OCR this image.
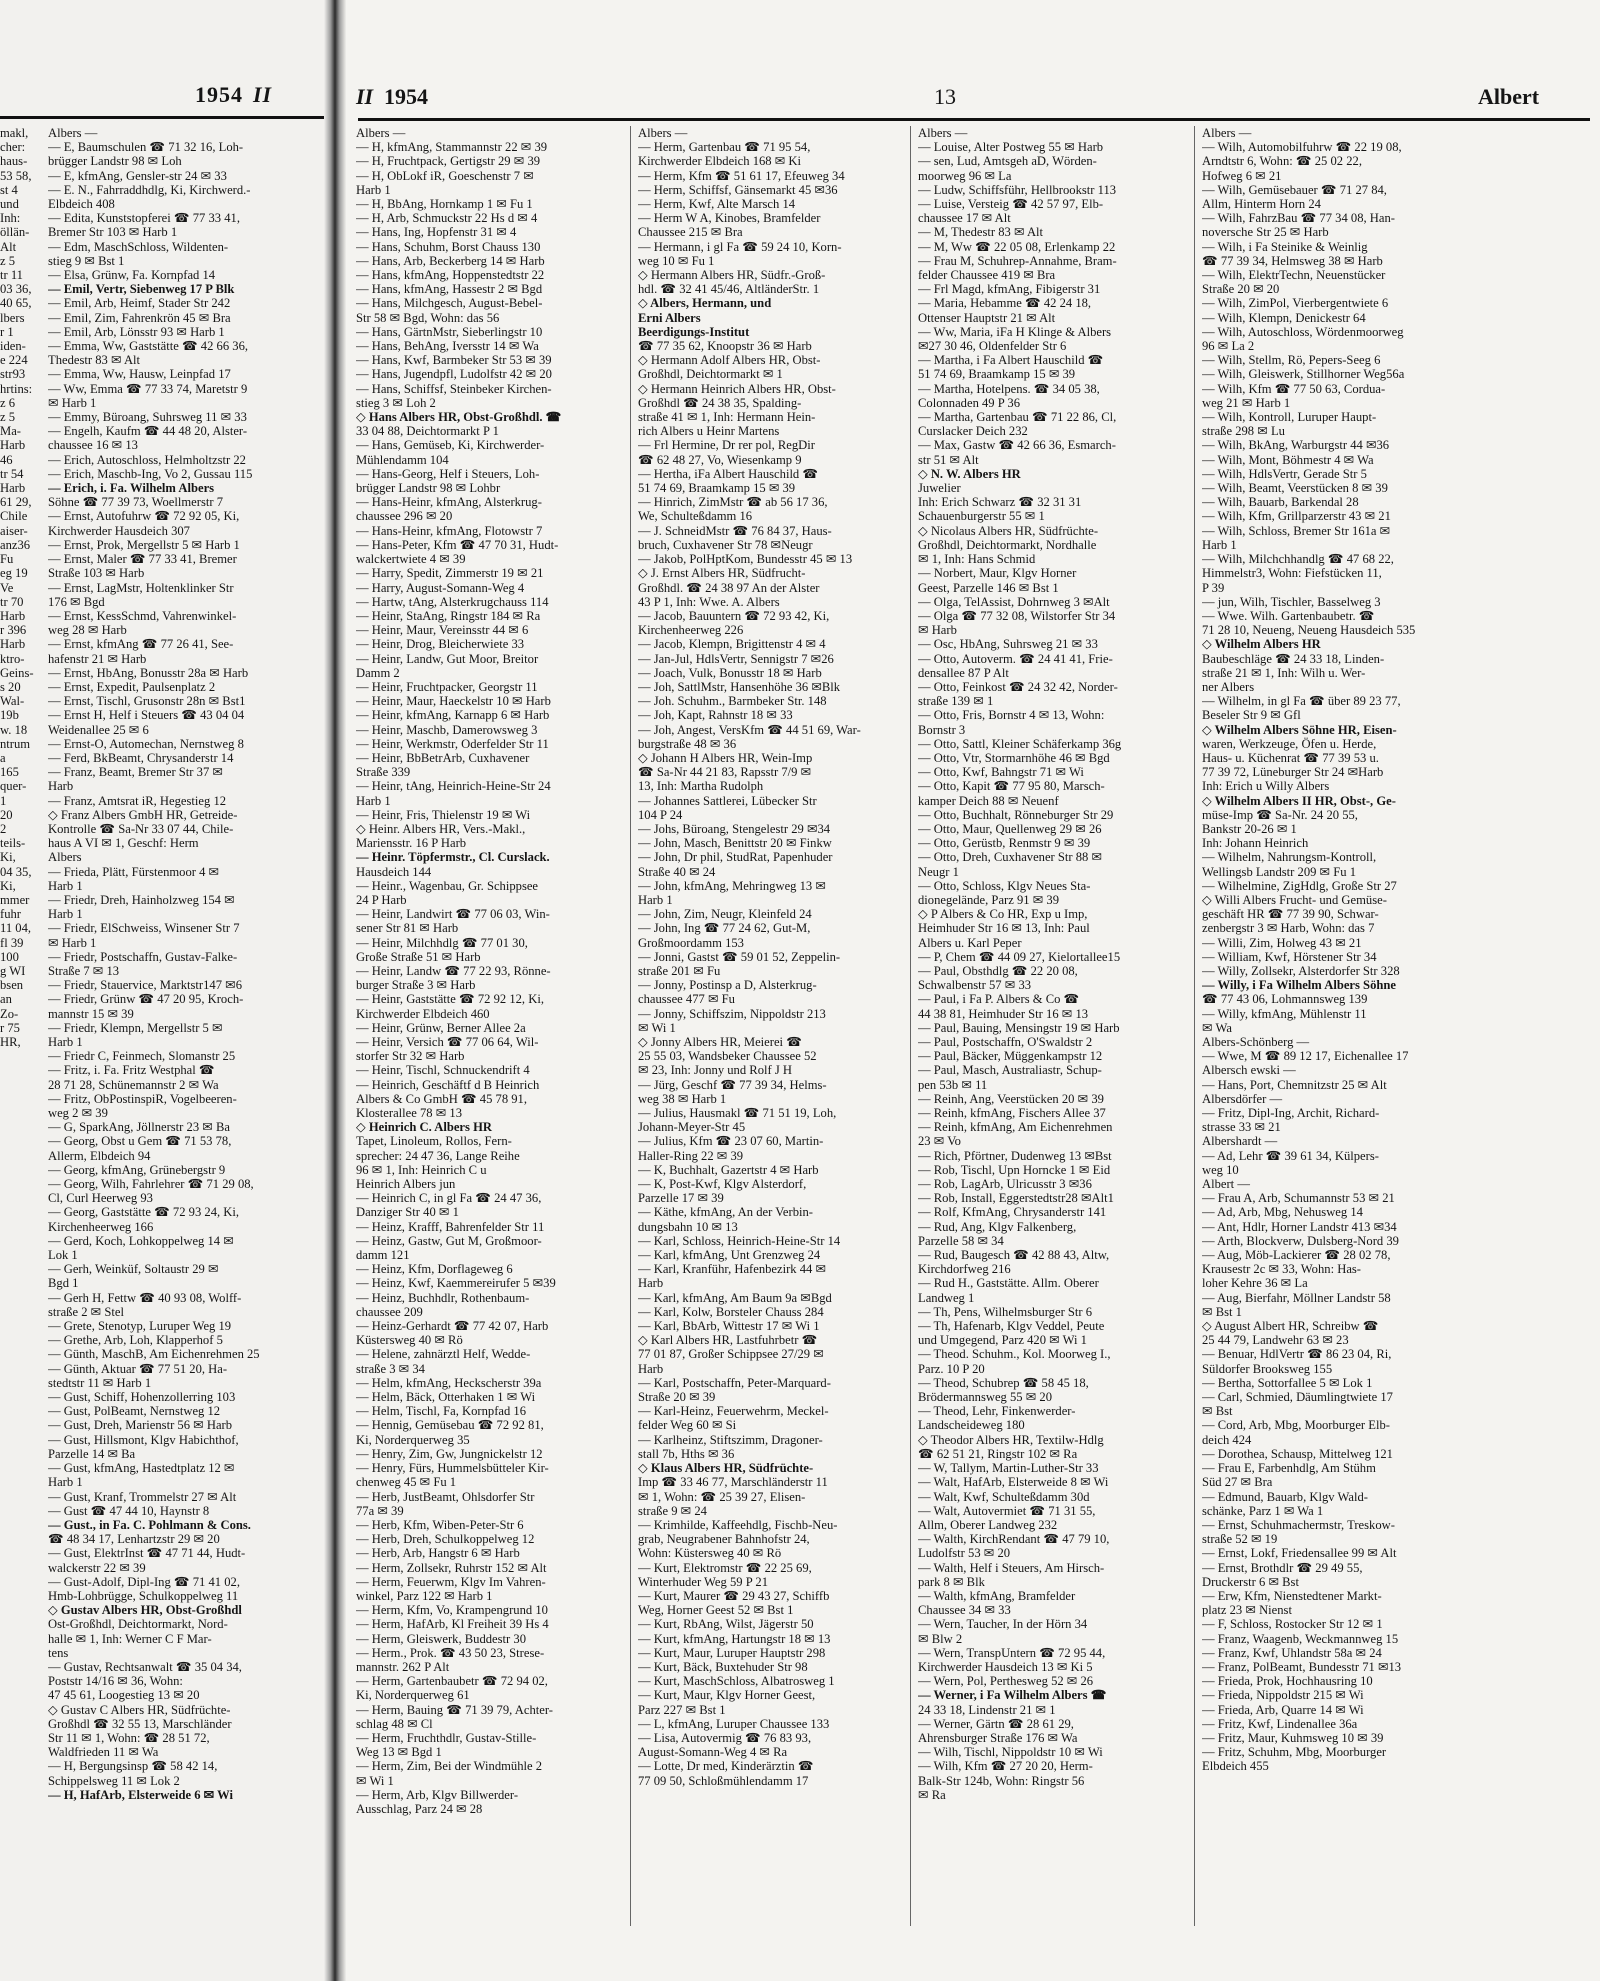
1954 II
makl,
cher:
haus-
53 58,
st 4
und
Inh:
öllän-
Alt
z 5
tr 11
03 36,
40 65,
lbers
r 1
iden-
e 224
str93
hrtins:
z 6
z 5
Ma-
Harb
46
tr 54
Harb
61 29,
Chile
aiser-
anz36
Fu
eg 19
Ve
tr 70
Harb
r 396
Harb
ktro-
Geins-
s 20
Wal-
19b
w. 18
ntrum
a
165
quer-
1
20
2
teils-
Ki,
04 35,
Ki,
mmer
fuhr
11 04,
fl 39
100
g WI
bsen
an
Zo-
r 75
HR,
Albers —
— E, Baumschulen ☎ 71 32 16, Loh-
brügger Landstr 98 ✉ Loh
— E, kfmAng, Gensler-str 24 ✉ 33
— E. N., Fahrraddhdlg, Ki, Kirchwerd.-
Elbdeich 408
— Edita, Kunststopferei ☎ 77 33 41,
Bremer Str 103 ✉ Harb 1
— Edm, MaschSchloss, Wildenten-
stieg 9 ✉ Bst 1
— Elsa, Grünw, Fa. Kornpfad 14
— Emil, Vertr, Siebenweg 17 P Blk
— Emil, Arb, Heimf, Stader Str 242
— Emil, Zim, Fahrenkrön 45 ✉ Bra
— Emil, Arb, Lönsstr 93 ✉ Harb 1
— Emma, Ww, Gaststätte ☎ 42 66 36,
Thedestr 83 ✉ Alt
— Emma, Ww, Hausw, Leinpfad 17
— Ww, Emma ☎ 77 33 74, Maretstr 9
✉ Harb 1
— Emmy, Büroang, Suhrsweg 11 ✉ 33
— Engelh, Kaufm ☎ 44 48 20, Alster-
chaussee 16 ✉ 13
— Erich, Autoschloss, Helmholtzstr 22
— Erich, Maschb-Ing, Vo 2, Gussau 115
— Erich, i. Fa. Wilhelm Albers
Söhne ☎ 77 39 73, Woellmerstr 7
— Ernst, Autofuhrw ☎ 72 92 05, Ki,
Kirchwerder Hausdeich 307
— Ernst, Prok, Mergellstr 5 ✉ Harb 1
— Ernst, Maler ☎ 77 33 41, Bremer
Straße 103 ✉ Harb
— Ernst, LagMstr, Holtenklinker Str
176 ✉ Bgd
— Ernst, KessSchmd, Vahrenwinkel-
weg 28 ✉ Harb
— Ernst, kfmAng ☎ 77 26 41, See-
hafenstr 21 ✉ Harb
— Ernst, HbAng, Bonusstr 28a ✉ Harb
— Ernst, Expedit, Paulsenplatz 2
— Ernst, Tischl, Grusonstr 28n ✉ Bst1
— Ernst H, Helf i Steuers ☎ 43 04 04
Weidenallee 25 ✉ 6
— Ernst-O, Automechan, Nernstweg 8
— Ferd, BkBeamt, Chrysanderstr 14
— Franz, Beamt, Bremer Str 37 ✉
Harb
— Franz, Amtsrat iR, Hegestieg 12
◇ Franz Albers GmbH HR, Getreide-
Kontrolle ☎ Sa-Nr 33 07 44, Chile-
haus A VI ✉ 1, Geschf: Herm
Albers
— Frieda, Plätt, Fürstenmoor 4 ✉
Harb 1
— Friedr, Dreh, Hainholzweg 154 ✉
Harb 1
— Friedr, ElSchweiss, Winsener Str 7
✉ Harb 1
— Friedr, Postschaffn, Gustav-Falke-
Straße 7 ✉ 13
— Friedr, Stauervice, Marktstr147 ✉6
— Friedr, Grünw ☎ 47 20 95, Kroch-
mannstr 15 ✉ 39
— Friedr, Klempn, Mergellstr 5 ✉
Harb 1
— Friedr C, Feinmech, Slomanstr 25
— Fritz, i. Fa. Fritz Westphal ☎
28 71 28, Schünemannstr 2 ✉ Wa
— Fritz, ObPostinspiR, Vogelbeeren-
weg 2 ✉ 39
— G, SparkAng, Jöllnerstr 23 ✉ Ba
— Georg, Obst u Gem ☎ 71 53 78,
Allerm, Elbdeich 94
— Georg, kfmAng, Grünebergstr 9
— Georg, Wilh, Fahrlehrer ☎ 71 29 08,
Cl, Curl Heerweg 93
— Georg, Gaststätte ☎ 72 93 24, Ki,
Kirchenheerweg 166
— Gerd, Koch, Lohkoppelweg 14 ✉
Lok 1
— Gerh, Weinküf, Soltaustr 29 ✉
Bgd 1
— Gerh H, Fettw ☎ 40 93 08, Wolff-
straße 2 ✉ Stel
— Grete, Stenotyp, Luruper Weg 19
— Grethe, Arb, Loh, Klapperhof 5
— Günth, MaschB, Am Eichenrehmen 25
— Günth, Aktuar ☎ 77 51 20, Ha-
stedtstr 11 ✉ Harb 1
— Gust, Schiff, Hohenzollerring 103
— Gust, PolBeamt, Nernstweg 12
— Gust, Dreh, Marienstr 56 ✉ Harb
— Gust, Hillsmont, Klgv Habichthof,
Parzelle 14 ✉ Ba
— Gust, kfmAng, Hastedtplatz 12 ✉
Harb 1
— Gust, Kranf, Trommelstr 27 ✉ Alt
— Gust ☎ 47 44 10, Haynstr 8
— Gust., in Fa. C. Pohlmann & Cons.
☎ 48 34 17, Lenhartzstr 29 ✉ 20
— Gust, ElektrInst ☎ 47 71 44, Hudt-
walckerstr 22 ✉ 39
— Gust-Adolf, Dipl-Ing ☎ 71 41 02,
Hmb-Lohbrügge, Schulkoppelweg 11
◇ Gustav Albers HR, Obst-Großhdl
Ost-Großhdl, Deichtormarkt, Nord-
halle ✉ 1, Inh: Werner C F Mar-
tens
— Gustav, Rechtsanwalt ☎ 35 04 34,
Poststr 14/16 ✉ 36, Wohn:
47 45 61, Loogestieg 13 ✉ 20
◇ Gustav C Albers HR, Südfrüchte-
Großhdl ☎ 32 55 13, Marschländer
Str 11 ✉ 1, Wohn: ☎ 28 51 72,
Waldfrieden 11 ✉ Wa
— H, Bergungsinsp ☎ 58 42 14,
Schippelsweg 11 ✉ Lok 2
— H, HafArb, Elsterweide 6 ✉ Wi
II 1954	13	Albert
Albers —
— H, kfmAng, Stammannstr 22 ✉ 39
— H, Fruchtpack, Gertigstr 29 ✉ 39
— H, ObLokf iR, Goeschenstr 7 ✉
Harb 1
— H, BbAng, Hornkamp 1 ✉ Fu 1
— H, Arb, Schmuckstr 22 Hs d ✉ 4
— Hans, Ing, Hopfenstr 31 ✉ 4
— Hans, Schuhm, Borst Chauss 130
— Hans, Arb, Beckerberg 14 ✉ Harb
— Hans, kfmAng, Hoppenstedtstr 22
— Hans, kfmAng, Hassestr 2 ✉ Bgd
— Hans, Milchgesch, August-Bebel-
Str 58 ✉ Bgd, Wohn: das 56
— Hans, GärtnMstr, Sieberlingstr 10
— Hans, BehAng, Iversstr 14 ✉ Wa
— Hans, Kwf, Barmbeker Str 53 ✉ 39
— Hans, Jugendpfl, Ludolfstr 42 ✉ 20
— Hans, Schiffsf, Steinbeker Kirchen-
stieg 3 ✉ Loh 2
◇ Hans Albers HR, Obst-Großhdl. ☎
33 04 88, Deichtormarkt P 1
— Hans, Gemüseb, Ki, Kirchwerder-
Mühlendamm 104
— Hans-Georg, Helf i Steuers, Loh-
brügger Landstr 98 ✉ Lohbr
— Hans-Heinr, kfmAng, Alsterkrug-
chaussee 296 ✉ 20
— Hans-Heinr, kfmAng, Flotowstr 7
— Hans-Peter, Kfm ☎ 47 70 31, Hudt-
walckertwiete 4 ✉ 39
— Harry, Spedit, Zimmerstr 19 ✉ 21
— Harry, August-Somann-Weg 4
— Hartw, tAng, Alsterkrugchauss 114
— Heinr, StaAng, Ringstr 184 ✉ Ra
— Heinr, Maur, Vereinsstr 44 ✉ 6
— Heinr, Drog, Bleicherwiete 33
— Heinr, Landw, Gut Moor, Breitor
Damm 2
— Heinr, Fruchtpacker, Georgstr 11
— Heinr, Maur, Haeckelstr 10 ✉ Harb
— Heinr, kfmAng, Karnapp 6 ✉ Harb
— Heinr, Maschb, Damerowsweg 3
— Heinr, Werkmstr, Oderfelder Str 11
— Heinr, BbBetrArb, Cuxhavener
Straße 339
— Heinr, tAng, Heinrich-Heine-Str 24
Harb 1
— Heinr, Fris, Thielenstr 19 ✉ Wi
◇ Heinr. Albers HR, Vers.-Makl.,
Mariensstr. 16 P Harb
— Heinr. Töpfermstr., Cl. Curslack.
Hausdeich 144
— Heinr., Wagenbau, Gr. Schippsee
24 P Harb
— Heinr, Landwirt ☎ 77 06 03, Win-
sener Str 81 ✉ Harb
— Heinr, Milchhdlg ☎ 77 01 30,
Große Straße 51 ✉ Harb
— Heinr, Landw ☎ 77 22 93, Rönne-
burger Straße 3 ✉ Harb
— Heinr, Gaststätte ☎ 72 92 12, Ki,
Kirchwerder Elbdeich 460
— Heinr, Grünw, Berner Allee 2a
— Heinr, Versich ☎ 77 06 64, Wil-
storfer Str 32 ✉ Harb
— Heinr, Tischl, Schnuckendrift 4
— Heinrich, Geschäftf d B Heinrich
Albers & Co GmbH ☎ 45 78 91,
Klosterallee 78 ✉ 13
◇ Heinrich C. Albers HR
Tapet, Linoleum, Rollos, Fern-
sprecher: 24 47 36, Lange Reihe
96 ✉ 1, Inh: Heinrich C u
Heinrich Albers jun
— Heinrich C, in gl Fa ☎ 24 47 36,
Danziger Str 40 ✉ 1
— Heinz, Krafff, Bahrenfelder Str 11
— Heinz, Gastw, Gut M, Großmoor-
damm 121
— Heinz, Kfm, Dorflageweg 6
— Heinz, Kwf, Kaemmereirufer 5 ✉39
— Heinz, Buchhdlr, Rothenbaum-
chaussee 209
— Heinz-Gerhardt ☎ 77 42 07, Harb
Küstersweg 40 ✉ Rö
— Helene, zahnärztl Helf, Wedde-
straße 3 ✉ 34
— Helm, kfmAng, Heckscherstr 39a
— Helm, Bäck, Otterhaken 1 ✉ Wi
— Helm, Tischl, Fa, Kornpfad 16
— Hennig, Gemüsebau ☎ 72 92 81,
Ki, Norderquerweg 35
— Henry, Zim, Gw, Jungnickelstr 12
— Henry, Fürs, Hummelsbütteler Kir-
chenweg 45 ✉ Fu 1
— Herb, JustBeamt, Ohlsdorfer Str
77a ✉ 39
— Herb, Kfm, Wiben-Peter-Str 6
— Herb, Dreh, Schulkoppelweg 12
— Herb, Arb, Hangstr 6 ✉ Harb
— Herm, Zollsekr, Ruhrstr 152 ✉ Alt
— Herm, Feuerwm, Klgv Im Vahren-
winkel, Parz 122 ✉ Harb 1
— Herm, Kfm, Vo, Krampengrund 10
— Herm, HafArb, Kl Freiheit 39 Hs 4
— Herm, Gleiswerk, Buddestr 30
— Herm., Prok. ☎ 43 50 23, Strese-
mannstr. 262 P Alt
— Herm, Gartenbaubetr ☎ 72 94 02,
Ki, Norderquerweg 61
— Herm, Bauing ☎ 71 39 79, Achter-
schlag 48 ✉ Cl
— Herm, Fruchthdlr, Gustav-Stille-
Weg 13 ✉ Bgd 1
— Herm, Zim, Bei der Windmühle 2
✉ Wi 1
— Herm, Arb, Klgv Billwerder-
Ausschlag, Parz 24 ✉ 28
Albers —
— Herm, Gartenbau ☎ 71 95 54,
Kirchwerder Elbdeich 168 ✉ Ki
— Herm, Kfm ☎ 51 61 17, Efeuweg 34
— Herm, Schiffsf, Gänsemarkt 45 ✉36
— Herm, Kwf, Alte Marsch 14
— Herm W A, Kinobes, Bramfelder
Chaussee 215 ✉ Bra
— Hermann, i gl Fa ☎ 59 24 10, Korn-
weg 10 ✉ Fu 1
◇ Hermann Albers HR, Südfr.-Groß-
hdl. ☎ 32 41 45/46, AltländerStr. 1
◇ Albers, Hermann, und
Erni Albers
Beerdigungs-Institut
☎ 77 35 62, Knoopstr 36 ✉ Harb
◇ Hermann Adolf Albers HR, Obst-
Großhdl, Deichtormarkt ✉ 1
◇ Hermann Heinrich Albers HR, Obst-
Großhdl ☎ 24 38 35, Spalding-
straße 41 ✉ 1, Inh: Hermann Hein-
rich Albers u Heinr Martens
— Frl Hermine, Dr rer pol, RegDir
☎ 62 48 27, Vo, Wiesenkamp 9
— Hertha, iFa Albert Hauschild ☎
51 74 69, Braamkamp 15 ✉ 39
— Hinrich, ZimMstr ☎ ab 56 17 36,
We, Schulteßdamm 16
— J. SchneidMstr ☎ 76 84 37, Haus-
bruch, Cuxhavener Str 78 ✉Neugr
— Jakob, PolHptKom, Bundesstr 45 ✉ 13
◇ J. Ernst Albers HR, Südfrucht-
Großhdl. ☎ 24 38 97 An der Alster
43 P 1, Inh: Wwe. A. Albers
— Jacob, Bauuntern ☎ 72 93 42, Ki,
Kirchenheerweg 226
— Jacob, Klempn, Brigittenstr 4 ✉ 4
— Jan-Jul, HdlsVertr, Sennigstr 7 ✉26
— Joach, Vulk, Bonusstr 18 ✉ Harb
— Joh, SattlMstr, Hansenhöhe 36 ✉Blk
— Joh. Schuhm., Barmbeker Str. 148
— Joh, Kapt, Rahnstr 18 ✉ 33
— Joh, Angest, VersKfm ☎ 44 51 69, War-
burgstraße 48 ✉ 36
◇ Johann H Albers HR, Wein-Imp
☎ Sa-Nr 44 21 83, Rapsstr 7/9 ✉
13, Inh: Martha Rudolph
— Johannes Sattlerei, Lübecker Str
104 P 24
— Johs, Büroang, Stengelestr 29 ✉34
— John, Masch, Benittstr 20 ✉ Finkw
— John, Dr phil, StudRat, Papenhuder
Straße 40 ✉ 24
— John, kfmAng, Mehringweg 13 ✉
Harb 1
— John, Zim, Neugr, Kleinfeld 24
— John, Ing ☎ 77 24 62, Gut-M,
Großmoordamm 153
— Jonni, Gastst ☎ 59 01 52, Zeppelin-
straße 201 ✉ Fu
— Jonny, Postinsp a D, Alsterkrug-
chaussee 477 ✉ Fu
— Jonny, Schiffszim, Nippoldstr 213
✉ Wi 1
◇ Jonny Albers HR, Meierei ☎
25 55 03, Wandsbeker Chaussee 52
✉ 23, Inh: Jonny und Rolf J H
— Jürg, Geschf ☎ 77 39 34, Helms-
weg 38 ✉ Harb 1
— Julius, Hausmakl ☎ 71 51 19, Loh,
Johann-Meyer-Str 45
— Julius, Kfm ☎ 23 07 60, Martin-
Haller-Ring 22 ✉ 39
— K, Buchhalt, Gazertstr 4 ✉ Harb
— K, Post-Kwf, Klgv Alsterdorf,
Parzelle 17 ✉ 39
— Käthe, kfmAng, An der Verbin-
dungsbahn 10 ✉ 13
— Karl, Schloss, Heinrich-Heine-Str 14
— Karl, kfmAng, Unt Grenzweg 24
— Karl, Kranführ, Hafenbezirk 44 ✉
Harb
— Karl, kfmAng, Am Baum 9a ✉Bgd
— Karl, Kolw, Borsteler Chauss 284
— Karl, BbArb, Wittestr 17 ✉ Wi 1
◇ Karl Albers HR, Lastfuhrbetr ☎
77 01 87, Großer Schippsee 27/29 ✉
Harb
— Karl, Postschaffn, Peter-Marquard-
Straße 20 ✉ 39
— Karl-Heinz, Feuerwehrm, Meckel-
felder Weg 60 ✉ Si
— Karlheinz, Stiftszimm, Dragoner-
stall 7b, Hths ✉ 36
◇ Klaus Albers HR, Südfrüchte-
Imp ☎ 33 46 77, Marschländerstr 11
✉ 1, Wohn: ☎ 25 39 27, Elisen-
straße 9 ✉ 24
— Krimhilde, Kaffeehdlg, Fischb-Neu-
grab, Neugrabener Bahnhofstr 24,
Wohn: Küstersweg 40 ✉ Rö
— Kurt, Elektromstr ☎ 22 25 69,
Winterhuder Weg 59 P 21
— Kurt, Maurer ☎ 29 43 27, Schiffb
Weg, Horner Geest 52 ✉ Bst 1
— Kurt, RbAng, Wilst, Jägerstr 50
— Kurt, kfmAng, Hartungstr 18 ✉ 13
— Kurt, Maur, Luruper Hauptstr 298
— Kurt, Bäck, Buxtehuder Str 98
— Kurt, MaschSchloss, Albatrosweg 1
— Kurt, Maur, Klgv Horner Geest,
Parz 227 ✉ Bst 1
— L, kfmAng, Luruper Chaussee 133
— Lisa, Autovermig ☎ 76 83 93,
August-Somann-Weg 4 ✉ Ra
— Lotte, Dr med, Kinderärztin ☎
77 09 50, Schloßmühlendamm 17
Albers —
— Louise, Alter Postweg 55 ✉ Harb
— sen, Lud, Amtsgeh aD, Wörden-
moorweg 96 ✉ La
— Ludw, Schiffsführ, Hellbrookstr 113
— Luise, Versteig ☎ 42 57 97, Elb-
chaussee 17 ✉ Alt
— M, Thedestr 83 ✉ Alt
— M, Ww ☎ 22 05 08, Erlenkamp 22
— Frau M, Schuhrep-Annahme, Bram-
felder Chaussee 419 ✉ Bra
— Frl Magd, kfmAng, Fibigerstr 31
— Maria, Hebamme ☎ 42 24 18,
Ottenser Hauptstr 21 ✉ Alt
— Ww, Maria, iFa H Klinge & Albers
✉27 30 46, Oldenfelder Str 6
— Martha, i Fa Albert Hauschild ☎
51 74 69, Braamkamp 15 ✉ 39
— Martha, Hotelpens. ☎ 34 05 38,
Colonnaden 49 P 36
— Martha, Gartenbau ☎ 71 22 86, Cl,
Curslacker Deich 232
— Max, Gastw ☎ 42 66 36, Esmarch-
str 51 ✉ Alt
◇ N. W. Albers HR
Juwelier
Inh: Erich Schwarz ☎ 32 31 31
Schauenburgerstr 55 ✉ 1
◇ Nicolaus Albers HR, Südfrüchte-
Großhdl, Deichtormarkt, Nordhalle
✉ 1, Inh: Hans Schmid
— Norbert, Maur, Klgv Horner
Geest, Parzelle 146 ✉ Bst 1
— Olga, TelAssist, Dohrnweg 3 ✉Alt
— Olga ☎ 77 32 08, Wilstorfer Str 34
✉ Harb
— Osc, HbAng, Suhrsweg 21 ✉ 33
— Otto, Autoverm. ☎ 24 41 41, Frie-
densallee 87 P Alt
— Otto, Feinkost ☎ 24 32 42, Norder-
straße 139 ✉ 1
— Otto, Fris, Bornstr 4 ✉ 13, Wohn:
Bornstr 3
— Otto, Sattl, Kleiner Schäferkamp 36g
— Otto, Vtr, Stormarnhöhe 46 ✉ Bgd
— Otto, Kwf, Bahngstr 71 ✉ Wi
— Otto, Kapit ☎ 77 95 80, Marsch-
kamper Deich 88 ✉ Neuenf
— Otto, Buchhalt, Rönneburger Str 29
— Otto, Maur, Quellenweg 29 ✉ 26
— Otto, Gerüstb, Renmstr 9 ✉ 39
— Otto, Dreh, Cuxhavener Str 88 ✉
Neugr 1
— Otto, Schloss, Klgv Neues Sta-
dionegelände, Parz 91 ✉ 39
◇ P Albers & Co HR, Exp u Imp,
Heimhuder Str 16 ✉ 13, Inh: Paul
Albers u. Karl Peper
— P, Chem ☎ 44 09 27, Kielortallee15
— Paul, Obsthdlg ☎ 22 20 08,
Schwalbenstr 57 ✉ 33
— Paul, i Fa P. Albers & Co ☎
44 38 81, Heimhuder Str 16 ✉ 13
— Paul, Bauing, Mensingstr 19 ✉ Harb
— Paul, Postschaffn, O'Swaldstr 2
— Paul, Bäcker, Müggenkampstr 12
— Paul, Masch, Australiastr, Schup-
pen 53b ✉ 11
— Reinh, Ang, Veerstücken 20 ✉ 39
— Reinh, kfmAng, Fischers Allee 37
— Reinh, kfmAng, Am Eichenrehmen
23 ✉ Vo
— Rich, Pförtner, Dudenweg 13 ✉Bst
— Rob, Tischl, Upn Horncke 1 ✉ Eid
— Rob, LagArb, Ulricusstr 3 ✉36
— Rob, Install, Eggerstedtstr28 ✉Alt1
— Rolf, KfmAng, Chrysanderstr 141
— Rud, Ang, Klgv Falkenberg,
Parzelle 58 ✉ 34
— Rud, Baugesch ☎ 42 88 43, Altw,
Kirchdorfweg 216
— Rud H., Gaststätte. Allm. Oberer
Landweg 1
— Th, Pens, Wilhelmsburger Str 6
— Th, Hafenarb, Klgv Veddel, Peute
und Umgegend, Parz 420 ✉ Wi 1
— Theod. Schuhm., Kol. Moorweg I.,
Parz. 10 P 20
— Theod, Schubrep ☎ 58 45 18,
Brödermannsweg 55 ✉ 20
— Theod, Lehr, Finkenwerder-
Landscheideweg 180
◇ Theodor Albers HR, Textilw-Hdlg
☎ 62 51 21, Ringstr 102 ✉ Ra
— W, Tallym, Martin-Luther-Str 33
— Walt, HafArb, Elsterweide 8 ✉ Wi
— Walt, Kwf, Schulteßdamm 30d
— Walt, Autovermiet ☎ 71 31 55,
Allm, Oberer Landweg 232
— Walth, KirchRendant ☎ 47 79 10,
Ludolfstr 53 ✉ 20
— Walth, Helf i Steuers, Am Hirsch-
park 8 ✉ Blk
— Walth, kfmAng, Bramfelder
Chaussee 34 ✉ 33
— Wern, Taucher, In der Hörn 34
✉ Blw 2
— Wern, TranspUntern ☎ 72 95 44,
Kirchwerder Hausdeich 13 ✉ Ki 5
— Wern, Pol, Perthesweg 52 ✉ 26
— Werner, i Fa Wilhelm Albers ☎
24 33 18, Lindenstr 21 ✉ 1
— Werner, Gärtn ☎ 28 61 29,
Ahrensburger Straße 176 ✉ Wa
— Wilh, Tischl, Nippoldstr 10 ✉ Wi
— Wilh, Kfm ☎ 27 20 20, Herm-
Balk-Str 124b, Wohn: Ringstr 56
✉ Ra
Albers —
— Wilh, Automobilfuhrw ☎ 22 19 08,
Arndtstr 6, Wohn: ☎ 25 02 22,
Hofweg 6 ✉ 21
— Wilh, Gemüsebauer ☎ 71 27 84,
Allm, Hinterm Horn 24
— Wilh, FahrzBau ☎ 77 34 08, Han-
noversche Str 25 ✉ Harb
— Wilh, i Fa Steinike & Weinlig
☎ 77 39 34, Helmsweg 38 ✉ Harb
— Wilh, ElektrTechn, Neuenstücker
Straße 20 ✉ 20
— Wilh, ZimPol, Vierbergentwiete 6
— Wilh, Klempn, Denickestr 64
— Wilh, Autoschloss, Wördenmoorweg
96 ✉ La 2
— Wilh, Stellm, Rö, Pepers-Seeg 6
— Wilh, Gleiswerk, Stillhorner Weg56a
— Wilh, Kfm ☎ 77 50 63, Cordua-
weg 21 ✉ Harb 1
— Wilh, Kontroll, Luruper Haupt-
straße 298 ✉ Lu
— Wilh, BkAng, Warburgstr 44 ✉36
— Wilh, Mont, Böhmestr 4 ✉ Wa
— Wilh, HdlsVertr, Gerade Str 5
— Wilh, Beamt, Veerstücken 8 ✉ 39
— Wilh, Bauarb, Barkendal 28
— Wilh, Kfm, Grillparzerstr 43 ✉ 21
— Wilh, Schloss, Bremer Str 161a ✉
Harb 1
— Wilh, Milchchhandlg ☎ 47 68 22,
Himmelstr3, Wohn: Fiefstücken 11,
P 39
— jun, Wilh, Tischler, Basselweg 3
— Wwe. Wilh. Gartenbaubetr. ☎
71 28 10, Neueng, Neueng Hausdeich 535
◇ Wilhelm Albers HR
Baubeschläge ☎ 24 33 18, Linden-
straße 21 ✉ 1, Inh: Wilh u. Wer-
ner Albers
— Wilhelm, in gl Fa ☎ über 89 23 77,
Beseler Str 9 ✉ Gfl
◇ Wilhelm Albers Söhne HR, Eisen-
waren, Werkzeuge, Öfen u. Herde,
Haus- u. Küchenrat ☎ 77 39 53 u.
77 39 72, Lüneburger Str 24 ✉Harb
Inh: Erich u Willy Albers
◇ Wilhelm Albers II HR, Obst-, Ge-
müse-Imp ☎ Sa-Nr. 24 20 55,
Bankstr 20-26 ✉ 1
Inh: Johann Heinrich
— Wilhelm, Nahrungsm-Kontroll,
Wellingsb Landstr 209 ✉ Fu 1
— Wilhelmine, ZigHdlg, Große Str 27
◇ Willi Albers Frucht- und Gemüse-
geschäft HR ☎ 77 39 90, Schwar-
zenbergstr 3 ✉ Harb, Wohn: das 7
— Willi, Zim, Holweg 43 ✉ 21
— William, Kwf, Hörstener Str 34
— Willy, Zollsekr, Alsterdorfer Str 328
— Willy, i Fa Wilhelm Albers Söhne
☎ 77 43 06, Lohmannsweg 139
— Willy, kfmAng, Mühlenstr 11
✉ Wa
Albers-Schönberg —
— Wwe, M ☎ 89 12 17, Eichenallee 17
Albersch ewski —
— Hans, Port, Chemnitzstr 25 ✉ Alt
Albersdörfer —
— Fritz, Dipl-Ing, Archit, Richard-
strasse 33 ✉ 21
Albershardt —
— Ad, Lehr ☎ 39 61 34, Külpers-
weg 10
Albert —
— Frau A, Arb, Schumannstr 53 ✉ 21
— Ad, Arb, Mbg, Nehusweg 14
— Ant, Hdlr, Horner Landstr 413 ✉34
— Arth, Blockverw, Dulsberg-Nord 39
— Aug, Möb-Lackierer ☎ 28 02 78,
Krausestr 2c ✉ 33, Wohn: Has-
loher Kehre 36 ✉ La
— Aug, Bierfahr, Möllner Landstr 58
✉ Bst 1
◇ August Albert HR, Schreibw ☎
25 44 79, Landwehr 63 ✉ 23
— Benuar, HdlVertr ☎ 86 23 04, Ri,
Süldorfer Brooksweg 155
— Bertha, Sottorfallee 5 ✉ Lok 1
— Carl, Schmied, Däumlingtwiete 17
✉ Bst
— Cord, Arb, Mbg, Moorburger Elb-
deich 424
— Dorothea, Schausp, Mittelweg 121
— Frau E, Farbenhdlg, Am Stühm
Süd 27 ✉ Bra
— Edmund, Bauarb, Klgv Wald-
schänke, Parz 1 ✉ Wa 1
— Ernst, Schuhmachermstr, Treskow-
straße 52 ✉ 19
— Ernst, Lokf, Friedensallee 99 ✉ Alt
— Ernst, Brothdlr ☎ 29 49 55,
Druckerstr 6 ✉ Bst
— Erw, Kfm, Nienstedtener Markt-
platz 23 ✉ Nienst
— F, Schloss, Rostocker Str 12 ✉ 1
— Franz, Waagenb, Weckmannweg 15
— Franz, Kwf, Uhlandstr 58a ✉ 24
— Franz, PolBeamt, Bundesstr 71 ✉13
— Frieda, Prok, Hochhausring 10
— Frieda, Nippoldstr 215 ✉ Wi
— Frieda, Arb, Quarre 14 ✉ Wi
— Fritz, Kwf, Lindenallee 36a
— Fritz, Maur, Kuhmsweg 10 ✉ 39
— Fritz, Schuhm, Mbg, Moorburger
Elbdeich 455
